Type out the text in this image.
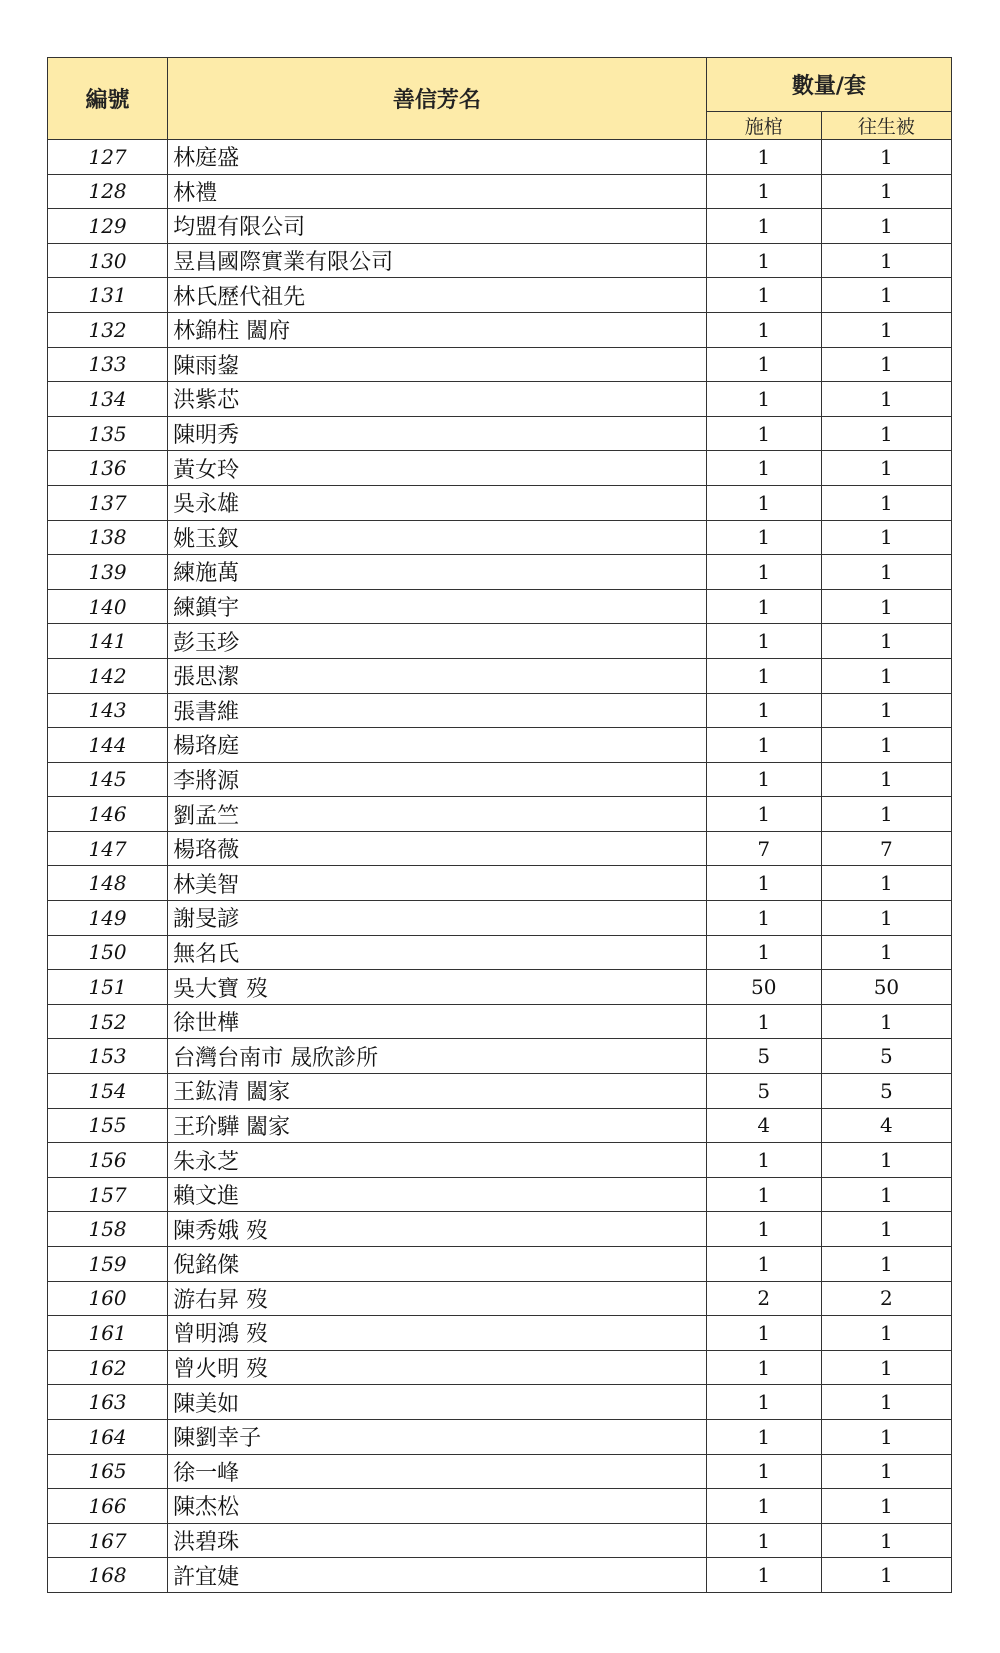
編號	善信芳名	數量/套	
		施棺	往生被
127	林庭盛	1	1
128	林禮	1	1
129	均盟有限公司	1	1
130	昱昌國際實業有限公司	1	1
131	林氏歷代祖先	1	1
132	林錦柱 闔府	1	1
133	陳雨鋆	1	1
134	洪紫芯	1	1
135	陳明秀	1	1
136	黃女玲	1	1
137	吳永雄	1	1
138	姚玉釵	1	1
139	練施萬	1	1
140	練鎮宇	1	1
141	彭玉珍	1	1
142	張思潔	1	1
143	張書維	1	1
144	楊珞庭	1	1
145	李將源	1	1
146	劉孟竺	1	1
147	楊珞薇	7	7
148	林美智	1	1
149	謝旻諺	1	1
150	無名氏	1	1
151	吳大寶 歿	50	50
152	徐世樺	1	1
153	台灣台南市 晟欣診所	5	5
154	王鈜清 闔家	5	5
155	王玠驊 闔家	4	4
156	朱永芝	1	1
157	賴文進	1	1
158	陳秀娥 歿	1	1
159	倪銘傑	1	1
160	游右昇 歿	2	2
161	曾明鴻 歿	1	1
162	曾火明 歿	1	1
163	陳美如	1	1
164	陳劉幸子	1	1
165	徐一峰	1	1
166	陳杰松	1	1
167	洪碧珠	1	1
168	許宜婕	1	1
